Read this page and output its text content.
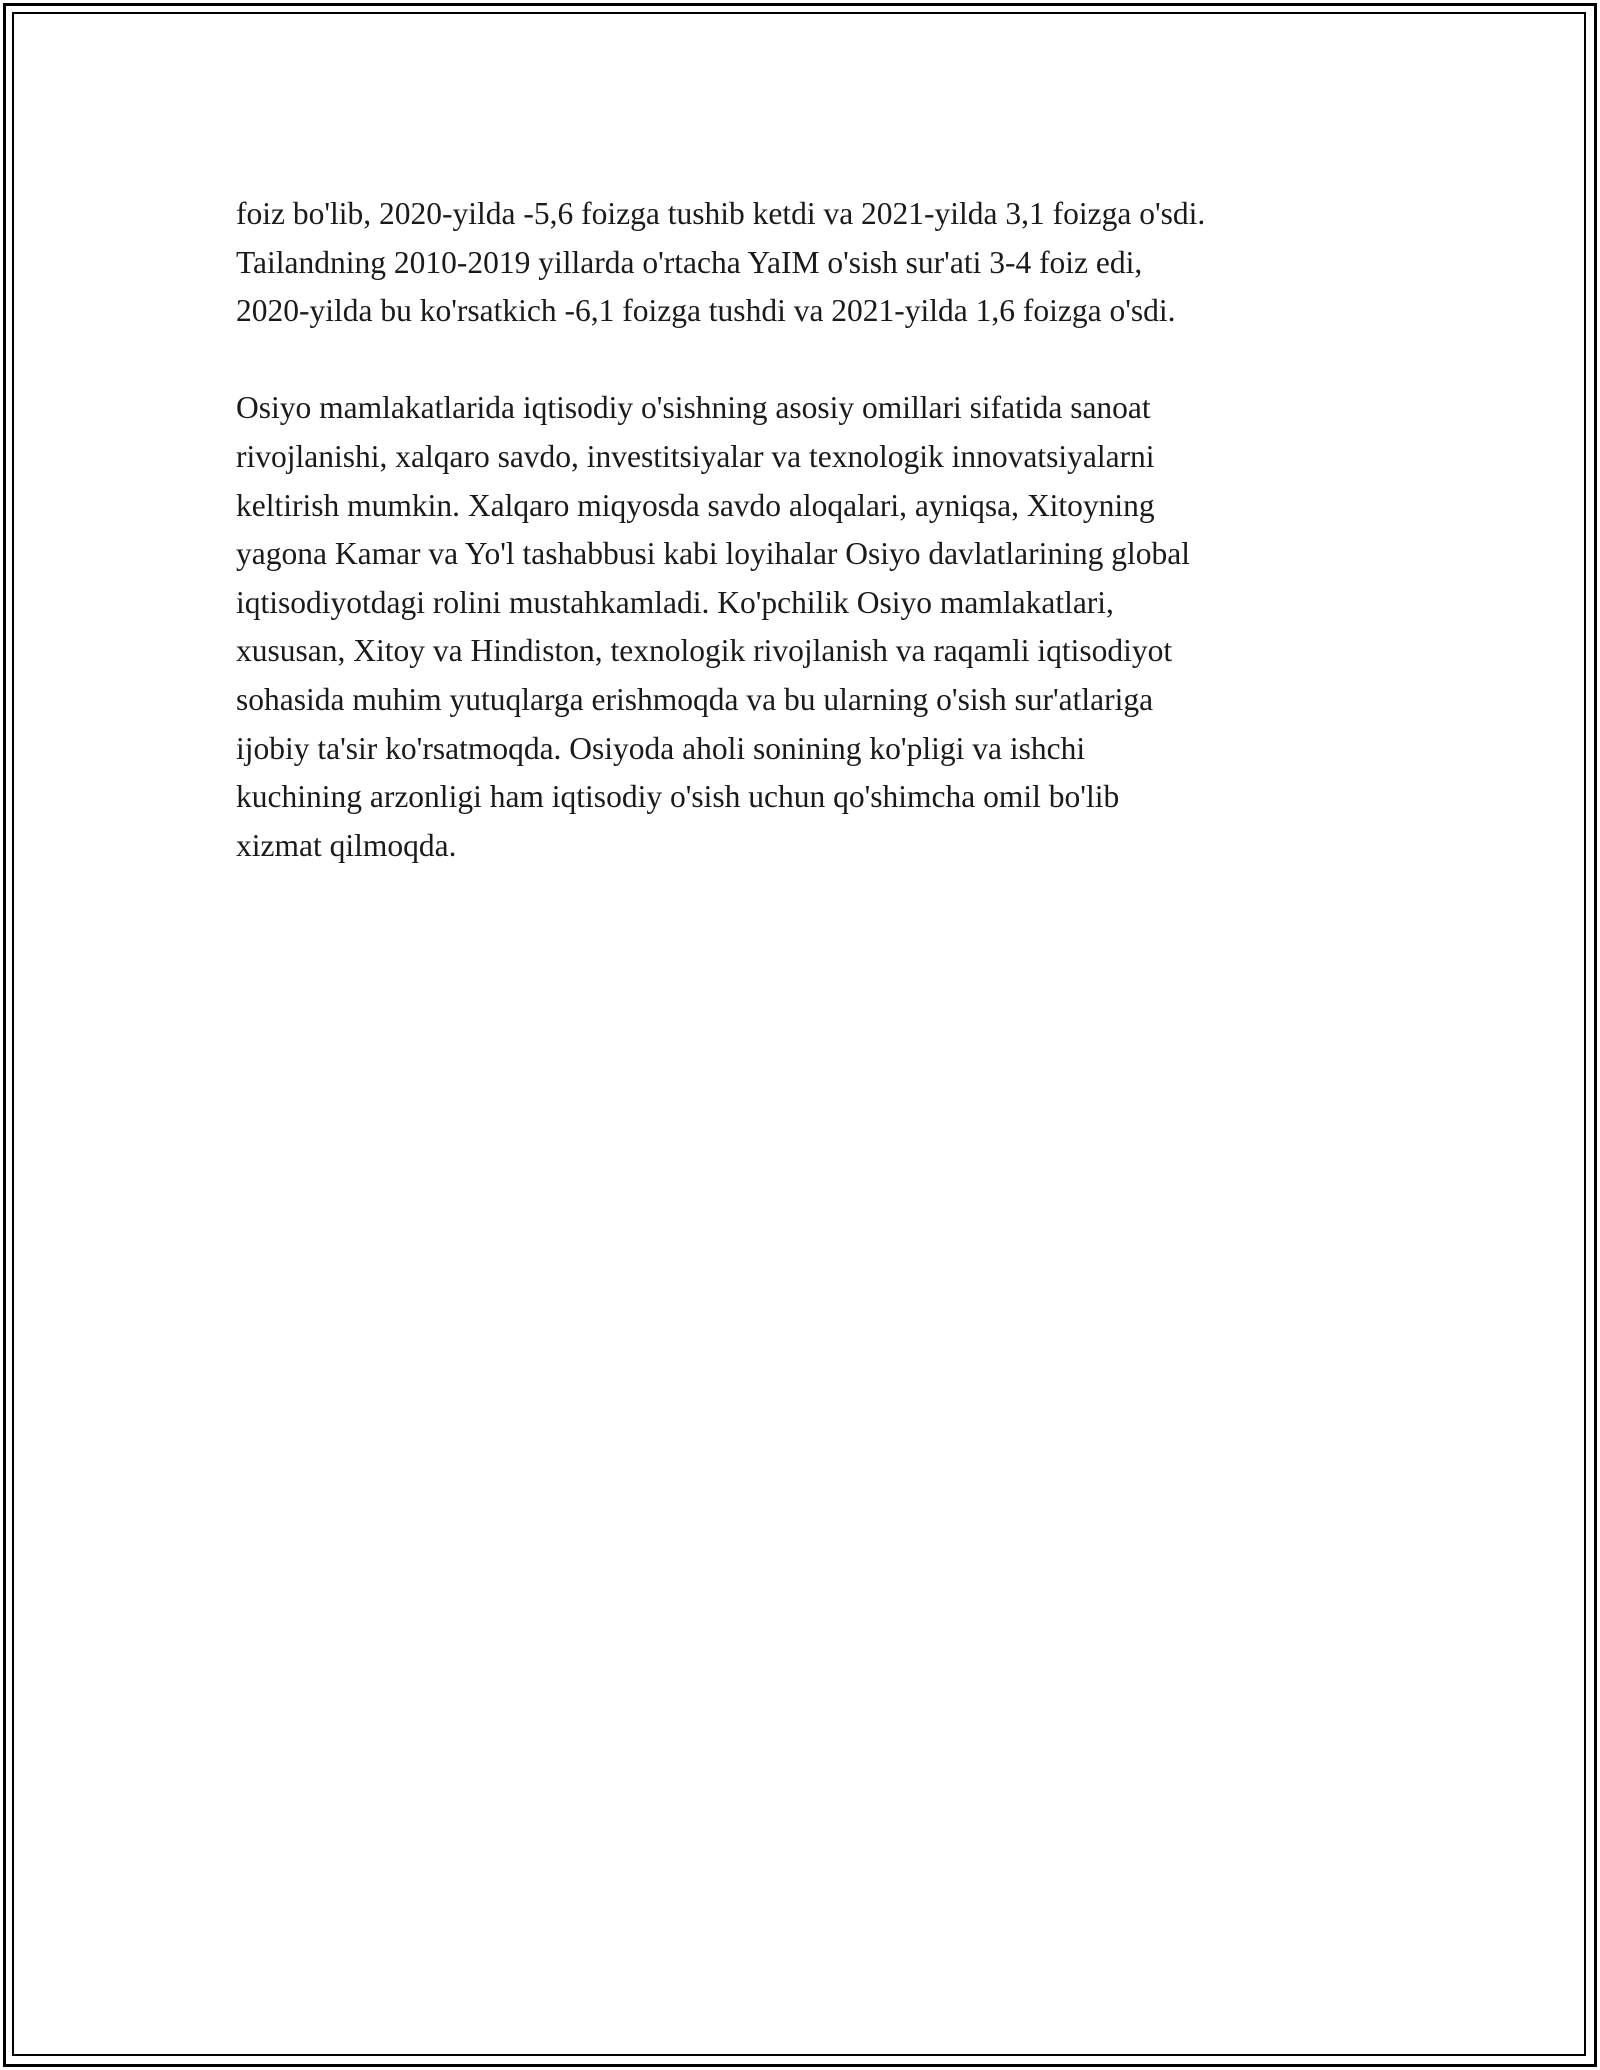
foiz bo'lib, 2020-yilda -5,6 foizga tushib ketdi va 2021-yilda 3,1 foizga o'sdi.
Tailandning 2010-2019 yillarda o'rtacha YaIM o'sish sur'ati 3-4 foiz edi,
2020-yilda bu ko'rsatkich -6,1 foizga tushdi va 2021-yilda 1,6 foizga o'sdi.

Osiyo mamlakatlarida iqtisodiy o'sishning asosiy omillari sifatida sanoat
rivojlanishi, xalqaro savdo, investitsiyalar va texnologik innovatsiyalarni
keltirish mumkin. Xalqaro miqyosda savdo aloqalari, ayniqsa, Xitoyning
yagona Kamar va Yo'l tashabbusi kabi loyihalar Osiyo davlatlarining global
iqtisodiyotdagi rolini mustahkamladi. Ko'pchilik Osiyo mamlakatlari,
xususan, Xitoy va Hindiston, texnologik rivojlanish va raqamli iqtisodiyot
sohasida muhim yutuqlarga erishmoqda va bu ularning o'sish sur'atlariga
ijobiy ta'sir ko'rsatmoqda. Osiyoda aholi sonining ko'pligi va ishchi
kuchining arzonligi ham iqtisodiy o'sish uchun qo'shimcha omil bo'lib
xizmat qilmoqda.
